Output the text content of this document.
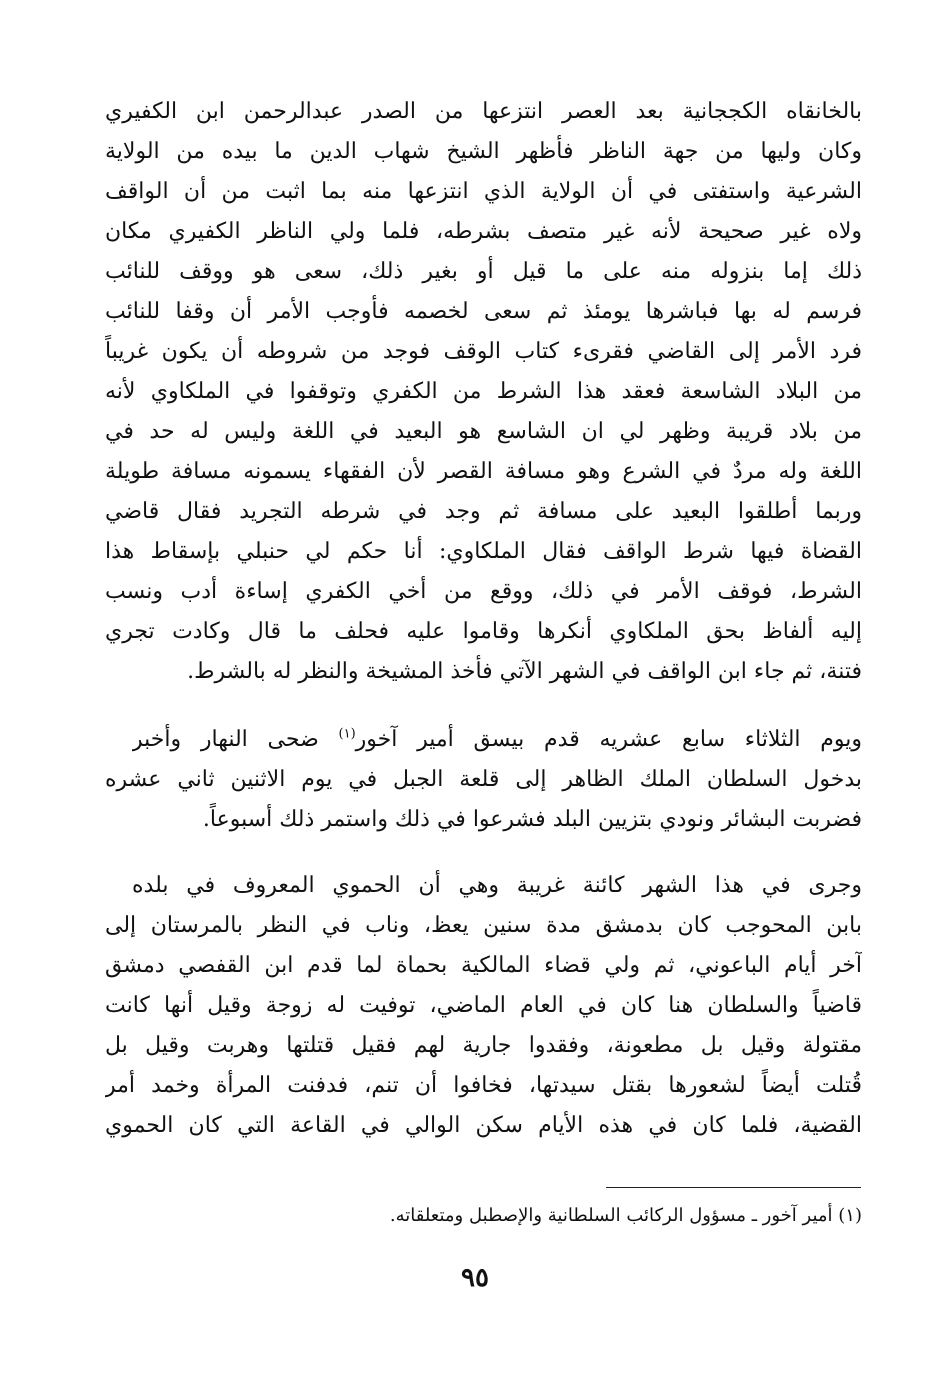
بالخانقاه الكججانية بعد العصر انتزعها من الصدر عبدالرحمن ابن الكفيري
وكان وليها من جهة الناظر فأظهر الشيخ شهاب الدين ما بيده من الولاية
الشرعية واستفتى في أن الولاية الذي انتزعها منه بما اثبت من أن الواقف
ولاه غير صحيحة لأنه غير متصف بشرطه، فلما ولي الناظر الكفيري مكان
ذلك إما بنزوله منه على ما قيل أو بغير ذلك، سعى هو ووقف للنائب
فرسم له بها فباشرها يومئذ ثم سعى لخصمه فأوجب الأمر أن وقفا للنائب
فرد الأمر إلى القاضي فقرىء كتاب الوقف فوجد من شروطه أن يكون غريباً
من البلاد الشاسعة فعقد هذا الشرط من الكفري وتوقفوا في الملكاوي لأنه
من بلاد قريبة وظهر لي ان الشاسع هو البعيد في اللغة وليس له حد في
اللغة وله مردٌ في الشرع وهو مسافة القصر لأن الفقهاء يسمونه مسافة طويلة
وربما أطلقوا البعيد على مسافة ثم وجد في شرطه التجريد فقال قاضي
القضاة فيها شرط الواقف فقال الملكاوي: أنا حكم لي حنبلي بإسقاط هذا
الشرط، فوقف الأمر في ذلك، ووقع من أخي الكفري إساءة أدب ونسب
إليه ألفاظ بحق الملكاوي أنكرها وقاموا عليه فحلف ما قال وكادت تجري
فتنة، ثم جاء ابن الواقف في الشهر الآتي فأخذ المشيخة والنظر له بالشرط.
ويوم الثلاثاء سابع عشريه قدم بيسق أمير آخور$^{(١)}$ ضحى النهار وأخبر
بدخول السلطان الملك الظاهر إلى قلعة الجبل في يوم الاثنين ثاني عشره
فضربت البشائر ونودي بتزيين البلد فشرعوا في ذلك واستمر ذلك أسبوعاً.
وجرى في هذا الشهر كائنة غريبة وهي أن الحموي المعروف في بلده
بابن المحوجب كان بدمشق مدة سنين يعظ، وناب في النظر بالمرستان إلى
آخر أيام الباعوني، ثم ولي قضاء المالكية بحماة لما قدم ابن القفصي دمشق
قاضياً والسلطان هنا كان في العام الماضي، توفيت له زوجة وقيل أنها كانت
مقتولة وقيل بل مطعونة، وفقدوا جارية لهم فقيل قتلتها وهربت وقيل بل
قُتلت أيضاً لشعورها بقتل سيدتها، فخافوا أن تنم، فدفنت المرأة وخمد أمر
القضية، فلما كان في هذه الأيام سكن الوالي في القاعة التي كان الحموي
(١) أمير آخور ـ مسؤول الركائب السلطانية والإصطبل ومتعلقاته.
٩٥
